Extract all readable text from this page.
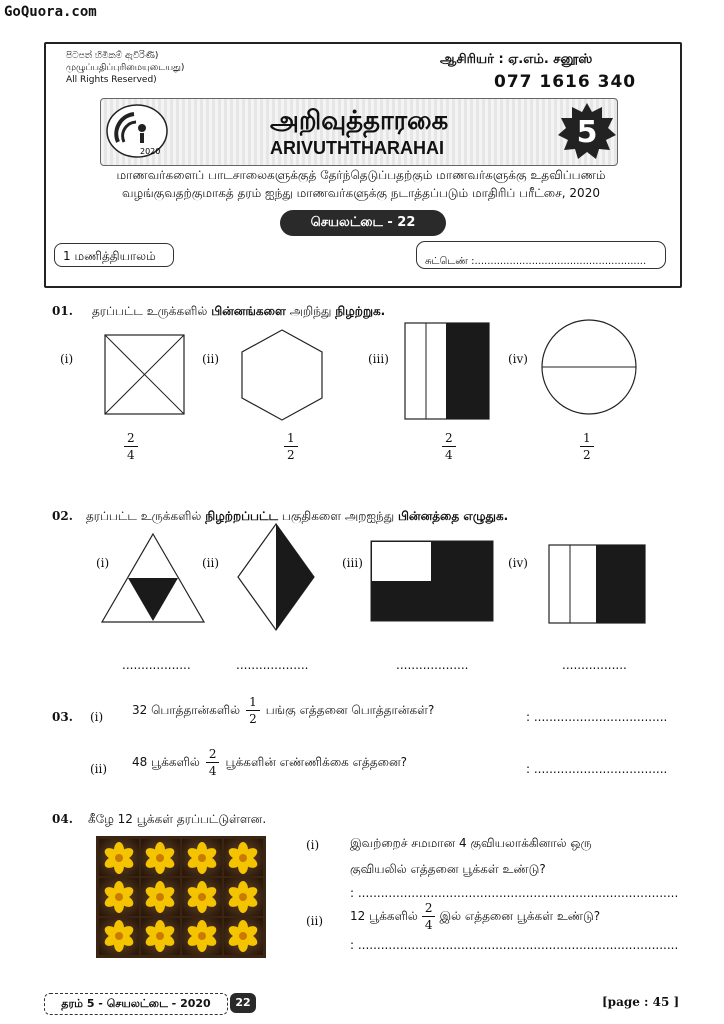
GoQuora.com
පිටපත් හිමිකම් ඇවිරිණි)
முழுப்பதிப்புரிமையுடையது)
All Rights Reserved)
ஆசிரியர் : ஏ.எம். சனூஸ்
077 1616 340
2020
அறிவுத்தாரகை
ARIVUTHTHARAHAI	5
மாணவர்களைப் பாடசாலைகளுக்குத் தேர்ந்தெடுப்பதற்கும் மாணவர்களுக்கு உதவிப்பணம்
வழங்குவதற்குமாகத் தரம் ஐந்து மாணவர்களுக்கு நடாத்தப்படும் மாதிரிப் பரீட்சை, 2020
செயலட்டை - 22
1 மணித்தியாலம்	சுட்டெண் :......................................................
01. தரப்பட்ட உருக்களில் பின்னங்களை அறிந்து நிழற்றுக.
(i)	(ii)	(iii)	(iv)
$\frac{2}{4}$	$\frac{1}{2}$	$\frac{2}{4}$	$\frac{1}{2}$
02. தரப்பட்ட உருக்களில் நிழற்றப்பட்ட பகுதிகளை அறஐந்து பின்னத்தை எழுதுக.
(i)	(ii)	(iii)	(iv)
..................	...................	...................	.................
03. (i)
32 பொத்தான்களில் $\frac{1}{2}$ பங்கு எத்தனை பொத்தான்கள்?
: ...................................
(ii)
48 பூக்களில் $\frac{2}{4}$ பூக்களின் எண்ணிக்கை எத்தனை?
: ...................................
04. கீழே 12 பூக்கள் தரப்பட்டுள்ளன.
(i)	இவற்றைச் சமமான 4 குவியலாக்கினால் ஒரு
குவியலில் எத்தனை பூக்கள் உண்டு?
: ....................................................................................
(ii) 12 பூக்களில் $\frac{2}{4}$ இல் எத்தனை பூக்கள் உண்டு?
: ....................................................................................
தரம் 5 - செயலட்டை - 2020	22	[page : 45 ]
